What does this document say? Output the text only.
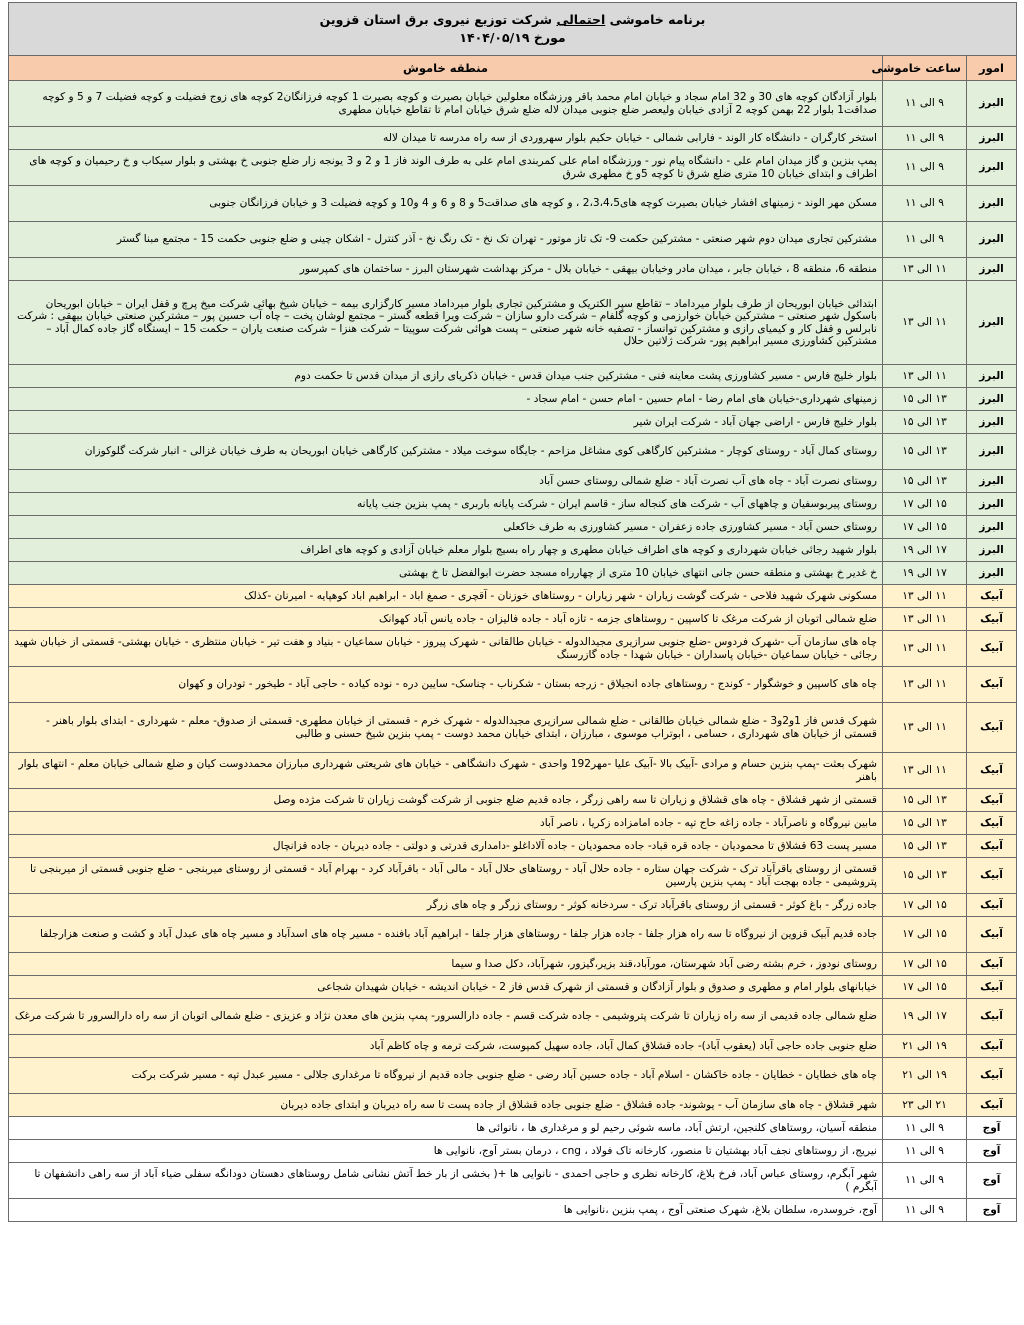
برنامه خاموشی احتمالی شرکت توزیع نیروی برق استان قزوین
مورخ ۱۴۰۴/۰۵/۱۹		

امور	ساعت خاموشی	منطقه خاموش
البرز	۹ الی ۱۱	بلوار آزادگان کوچه های 30 و 32 امام سجاد و خیابان امام محمد باقر ورزشگاه معلولین خیابان بصیرت و کوچه بصیرت 1 کوچه فرزانگان2 کوچه های زوج فضیلت و کوچه فضیلت 7 و 5 و کوچه صداقت1 بلوار 22 بهمن کوچه 2 آزادی خیابان ولیعصر ضلع جنوبی میدان لاله ضلع شرق خیابان امام تا تقاطع خیابان مطهری
البرز	۹ الی ۱۱	استخر کارگران - دانشگاه کار الوند - فارابی شمالی - خیابان حکیم بلوار سهروردی از سه راه مدرسه تا میدان لاله
البرز	۹ الی ۱۱	پمپ بنزین و گاز میدان امام علی - دانشگاه پیام نور - ورزشگاه امام علی کمربندی امام علی به طرف الوند فاز 1 و 2 و 3 یونجه زار ضلع جنوبی خ بهشتی و بلوار سیکاب و خ رحیمیان و کوچه های اطراف و ابتدای خیابان 10 متری ضلع شرق تا کوچه 5و خ مطهری شرق
البرز	۹ الی ۱۱	مسکن مهر الوند - زمینهای افشار خیابان بصیرت کوچه های2،3،4،5 ، و کوچه های صداقت5 و 8 و 6 و 4 و10 و کوچه فضیلت 3 و خیابان فرزانگان جنوبی
البرز	۹ الی ۱۱	مشترکین تجاری میدان دوم شهر صنعتی - مشترکین حکمت 9- تک تاز موتور - تهران تک نخ - تک رنگ نخ - آذر کنترل - اشکان چینی و ضلع جنوبی حکمت 15 - مجتمع مبنا گستر
البرز	۱۱ الی ۱۳	منطقه 6، منطقه 8 ، خیابان جابر ، میدان مادر وخیابان بیهقی - خیابان بلال - مرکز بهداشت شهرستان البرز - ساختمان های کمپرسور
البرز	۱۱ الی ۱۳	ابتدائی خیابان ابوریحان از طرف بلوار میرداماد – تقاطع سپر الکتریک و مشترکین تجاری بلوار میرداماد مسیر کارگزاری بیمه – خیابان شیخ بهائی شرکت میخ پرچ و قفل ایران – خیابان ابوریحان باسکول شهر صنعتی – مشترکین خیابان خوارزمی و کوچه گلفام – شرکت دارو سازان – شرکت ویرا قطعه گستر – مجتمع لوشان پخت – چاه آب حسین پور – مشترکین صنعتی خیابان بیهقی : شرکت نابرلس و قفل کار و کیمیای رازی و مشترکین توانساز - تصفیه خانه شهر صنعتی – پست هوائی شرکت سوپیتا – شرکت هنزا – شرکت صنعت یاران – حکمت 15 – ایستگاه گاز جاده کمال آباد – مشترکین کشاورزی مسیر ابراهیم پور- شرکت ژلاتین حلال
البرز	۱۱ الی ۱۳	بلوار خلیج فارس - مسیر کشاورزی پشت معاینه فنی - مشترکین جنب میدان قدس - خیابان ذکریای رازی از میدان قدس تا حکمت دوم
البرز	۱۳ الی ۱۵	زمینهای شهرداری-خیابان های امام رضا - امام حسین - امام حسن - امام سجاد -
البرز	۱۳ الی ۱۵	بلوار خلیج فارس - اراضی جهان آباد - شرکت ایران شیر
البرز	۱۳ الی ۱۵	روستای کمال آباد - روستای کوچار - مشترکین کارگاهی کوی مشاغل مزاحم - جایگاه سوخت میلاد - مشترکین کارگاهی خیابان ابوریحان به طرف خیابان غزالی - انبار شرکت گلوکوزان
البرز	۱۳ الی ۱۵	روستای نصرت آباد - چاه های آب نصرت آباد - ضلع شمالی روستای حسن آباد
البرز	۱۵ الی ۱۷	روستای پیربوسفیان و چاههای آب - شرکت های کنجاله ساز - قاسم ایران - شرکت پایانه باربری - پمپ بنزین جنب پایانه
البرز	۱۵ الی ۱۷	روستای حسن آباد - مسیر کشاورزی جاده زعفران - مسیر کشاورزی به طرف خاکعلی
البرز	۱۷ الی ۱۹	بلوار شهید رجائی خیابان شهرداری و کوچه های اطراف خیابان مطهری و چهار راه بسیج بلوار معلم خیابان آزادی و کوچه های اطراف
البرز	۱۷ الی ۱۹	خ غدیر خ بهشتی و منطقه حسن جانی انتهای خیابان 10 متری از چهارراه مسجد حضرت ابوالفضل تا خ بهشتی
آبیک	۱۱ الی ۱۳	مسکونی شهرک شهید فلاحی - شرکت گوشت زیاران - شهر زیاران - روستاهای خوزنان - آقچری - صمغ اباد - ابراهیم اباد کوهپایه - امیرنان -کذلک
آبیک	۱۱ الی ۱۳	ضلع شمالی اتوبان از شرکت مرغک تا کاسپین - روستاهای جزمه - تازه آباد - جاده فالیزان - جاده یانس آباد کهوانک
آبیک	۱۱ الی ۱۳	چاه های سازمان آب -شهرک فردوس -ضلع جنوبی سرازیری مجیدالدوله - خیابان طالقانی - شهرک پیروز - خیابان سماعیان - بنیاد و هفت تیر - خیابان منتظری - خیابان بهشتی- قسمتی از خیابان شهید رجائی - خیابان سماعیان -خیابان پاسداران - خیابان شهدا - جاده گازرسنگ
آبیک	۱۱ الی ۱۳	چاه های کاسپین و خوشگوار - کوندج - روستاهای جاده انجیلاق - زرجه بستان - شکرناب - چناسک- سایین دره - نوده کیاده - حاجی آباد - طیخور - تودران و کهوان
آبیک	۱۱ الی ۱۳	شهرک قدس فاز 1و2و3 - ضلع شمالی خیابان طالقانی - ضلع شمالی سرازیری مجیدالدوله - شهرک خرم - قسمتی از خیابان مطهری- قسمتی از صدوق- معلم - شهرداری - ابتدای بلوار باهنر - قسمتی از خیابان های شهرداری ، حسامی ، ابوتراب موسوی ، مبارزان ، ابتدای خیابان محمد دوست - پمپ بنزین شیخ حسنی و طالبی
آبیک	۱۱ الی ۱۳	شهرک بعثت -پمپ بنزین حسام و مرادی -آبیک بالا -آبیک علیا -مهر192 واحدی - شهرک دانشگاهی - خیابان های شریعتی شهرداری مبارزان محمددوست کیان و ضلع شمالی خیابان معلم - انتهای بلوار باهنر
آبیک	۱۳ الی ۱۵	قسمتی از شهر قشلاق - چاه های قشلاق و زیاران تا سه راهی زرگر ، جاده قدیم ضلع جنوبی از شرکت گوشت زیاران تا شرکت مژده وصل
آبیک	۱۳ الی ۱۵	مابین نیروگاه و ناصرآباد - جاده زاغه حاج تپه - جاده امامزاده زکریا ، ناصر آباد
آبیک	۱۳ الی ۱۵	مسیر پست 63 قشلاق تا محمودیان - جاده قره قباد- جاده محمودیان - جاده آلاداغلو -دامداری قدرتی و دولتی - جاده دیربان - جاده قزانچال
آبیک	۱۳ الی ۱۵	قسمتی از روستای باقرآباد ترک - شرکت جهان ستاره - جاده حلال آباد - روستاهای حلال آباد - مالی آباد - باقرآباد کرد - بهرام آباد - قسمتی از روستای میربنجی - ضلع جنوبی قسمتی از میربنجی تا پتروشیمی - جاده بهجت آباد - پمپ بنزین پارسین
آبیک	۱۵ الی ۱۷	جاده زرگر - باغ کوثر - قسمتی از روستای باقرآباد ترک - سردخانه کوثر - روستای زرگر و چاه های زرگر
آبیک	۱۵ الی ۱۷	جاده قدیم آبیک قزوین از نیروگاه تا سه راه هزار جلفا - جاده هزار جلفا - روستاهای هزار جلفا - ابراهیم آباد بافنده - مسیر چاه های اسدآباد و مسیر چاه های عبدل آباد و کشت و صنعت هزارجلفا
آبیک	۱۵ الی ۱۷	روستای نودوز ، خرم بشته رضی آباد شهرستان، مورآباد،قند بزیر،گیزور، شهرآباد، دکل صدا و سیما
آبیک	۱۵ الی ۱۷	خیابانهای بلوار امام و مطهری و صدوق و بلوار آزادگان و قسمتی از شهرک قدس فاز 2 - خیابان اندیشه - خیابان شهیدان شجاعی
آبیک	۱۷ الی ۱۹	ضلع شمالی جاده قدیمی از سه راه زیاران تا شرکت پتروشیمی - جاده شرکت قسم - جاده دارالسرور- پمپ بنزین های معدن نژاد و عزیزی - ضلع شمالی اتوبان از سه راه دارالسرور تا شرکت مرغک
آبیک	۱۹ الی ۲۱	ضلع جنوبی جاده حاجی آباد (یعقوب آباد)- جاده قشلاق کمال آباد، جاده سهیل کمپوست، شرکت ترمه و چاه کاظم آباد
آبیک	۱۹ الی ۲۱	چاه های خطایان - خطایان - جاده خاکشان - اسلام آباد - جاده حسین آباد رضی - ضلع جنوبی جاده قدیم از نیروگاه تا مرغداری جلالی - مسیر عبدل تپه - مسیر شرکت برکت
آبیک	۲۱ الی ۲۳	شهر قشلاق - چاه های سازمان آب - یوشوند- جاده قشلاق - ضلع جنوبی جاده قشلاق از جاده پست تا سه راه دیربان و ابتدای جاده دیربان
آوج	۹ الی ۱۱	منطقه آسیان، روستاهای کلنجین، ارتش آباد، ماسه شوئی رحیم لو و مرغداری ها ، نانوائی ها
آوج	۹ الی ۱۱	نیریج، از روستاهای نجف آباد بهشتیان تا منصور، کارخانه تاک فولاد ، cng ، درمان بستر آوج، نانوایی ها
آوج	۹ الی ۱۱	شهر آبگرم، روستای عباس آباد، فرخ بلاغ، کارخانه نظری و حاجی احمدی - نانوایی ها +( بخشی از بار خط آتش نشانی شامل روستاهای دهستان دودانگه سفلی ضیاء آباد از سه راهی دانشفهان تا آبگرم )
آوج	۹ الی ۱۱	آوج، خروسدره، سلطان بلاغ، شهرک صنعتی آوج ، پمپ بنزین ،نانوایی ها
